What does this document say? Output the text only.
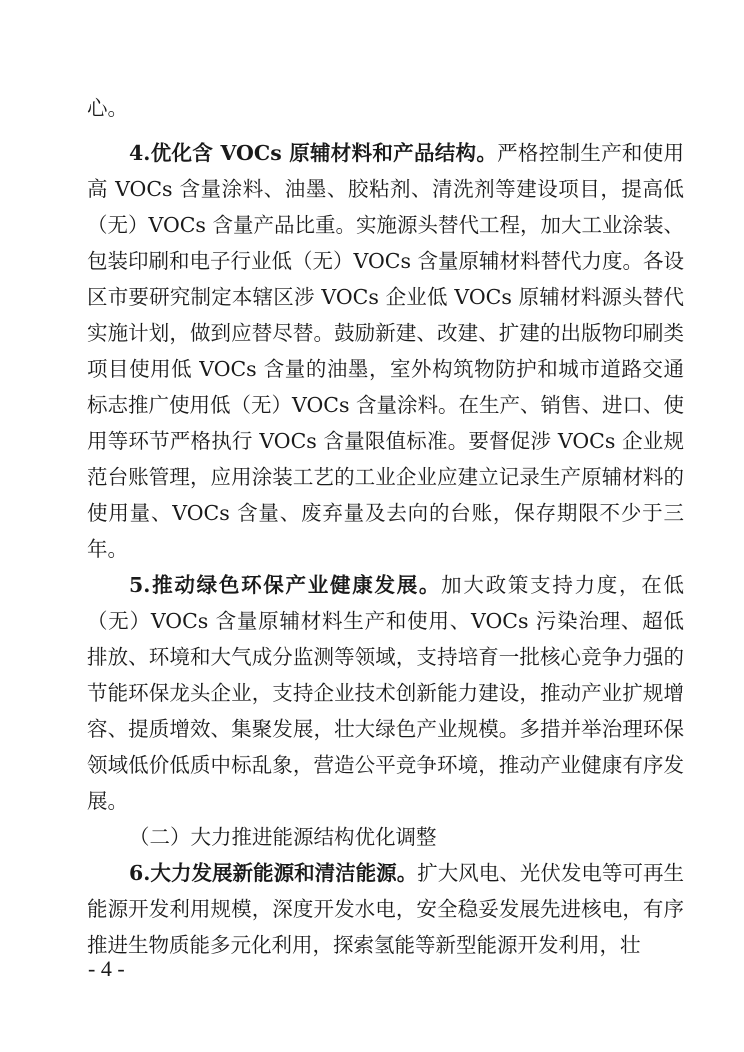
心。

4.优化含 VOCs 原辅材料和产品结构。严格控制生产和使用高 VOCs 含量涂料、油墨、胶粘剂、清洗剂等建设项目，提高低（无）VOCs 含量产品比重。实施源头替代工程，加大工业涂装、包装印刷和电子行业低（无）VOCs 含量原辅材料替代力度。各设区市要研究制定本辖区涉 VOCs 企业低 VOCs 原辅材料源头替代实施计划，做到应替尽替。鼓励新建、改建、扩建的出版物印刷类项目使用低 VOCs 含量的油墨，室外构筑物防护和城市道路交通标志推广使用低（无）VOCs 含量涂料。在生产、销售、进口、使用等环节严格执行 VOCs 含量限值标准。要督促涉 VOCs 企业规范台账管理，应用涂装工艺的工业企业应建立记录生产原辅材料的使用量、VOCs 含量、废弃量及去向的台账，保存期限不少于三年。

5.推动绿色环保产业健康发展。加大政策支持力度，在低（无）VOCs 含量原辅材料生产和使用、VOCs 污染治理、超低排放、环境和大气成分监测等领域，支持培育一批核心竞争力强的节能环保龙头企业，支持企业技术创新能力建设，推动产业扩规增容、提质增效、集聚发展，壮大绿色产业规模。多措并举治理环保领域低价低质中标乱象，营造公平竞争环境，推动产业健康有序发展。

（二）大力推进能源结构优化调整

6.大力发展新能源和清洁能源。扩大风电、光伏发电等可再生能源开发利用规模，深度开发水电，安全稳妥发展先进核电，有序推进生物质能多元化利用，探索氢能等新型能源开发利用，壮

- 4 -
